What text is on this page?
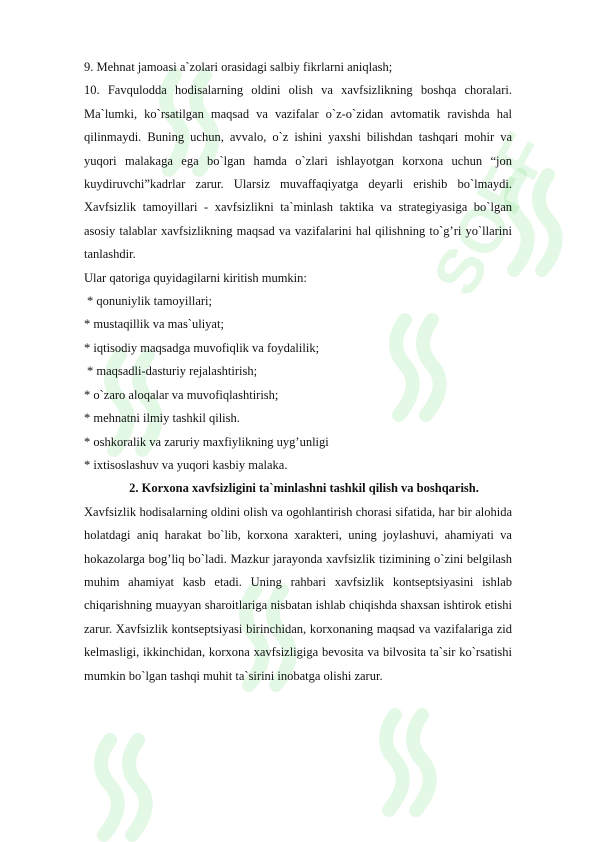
SOFF

9. Mehnat jamoasi a`zolari orasidagi salbiy fikrlarni aniqlash;

10. Favqulodda hodisalarning oldini olish va xavfsizlikning boshqa choralari. Ma`lumki, ko`rsatilgan maqsad va vazifalar o`z-o`zidan avtomatik ravishda hal qilinmaydi. Buning uchun, avvalo, o`z ishini yaxshi bilishdan tashqari mohir va yuqori malakaga ega bo`lgan hamda o`zlari ishlayotgan korxona uchun “jon kuydiruvchi”kadrlar zarur. Ularsiz muvaffaqiyatga deyarli erishib bo`lmaydi. Xavfsizlik tamoyillari - xavfsizlikni ta`minlash taktika va strategiyasiga bo`lgan asosiy talablar xavfsizlikning maqsad va vazifalarini hal qilishning to`g’ri yo`llarini tanlashdir.

Ular qatoriga quyidagilarni kiritish mumkin:

* qonuniylik tamoyillari;

* mustaqillik va mas`uliyat;

* iqtisodiy maqsadga muvofiqlik va foydalilik;

* maqsadli-dasturiy rejalashtirish;

* o`zaro aloqalar va muvofiqlashtirish;

* mehnatni ilmiy tashkil qilish.

* oshkoralik va zaruriy maxfiylikning uyg’unligi

* ixtisoslashuv va yuqori kasbiy malaka.

2. Korxona xavfsizligini ta`minlashni tashkil qilish va boshqarish.

Xavfsizlik hodisalarning oldini olish va ogohlantirish chorasi sifatida, har bir alohida holatdagi aniq harakat bo`lib, korxona xarakteri, uning joylashuvi, ahamiyati va hokazolarga bog’liq bo`ladi. Mazkur jarayonda xavfsizlik tizimining o`zini belgilash muhim ahamiyat kasb etadi. Uning rahbari xavfsizlik kontseptsiyasini ishlab chiqarishning muayyan sharoitlariga nisbatan ishlab chiqishda shaxsan ishtirok etishi zarur. Xavfsizlik kontseptsiyasi birinchidan, korxonaning maqsad va vazifalariga zid kelmasligi, ikkinchidan, korxona xavfsizligiga bevosita va bilvosita ta`sir ko`rsatishi mumkin bo`lgan tashqi muhit ta`sirini inobatga olishi zarur.
